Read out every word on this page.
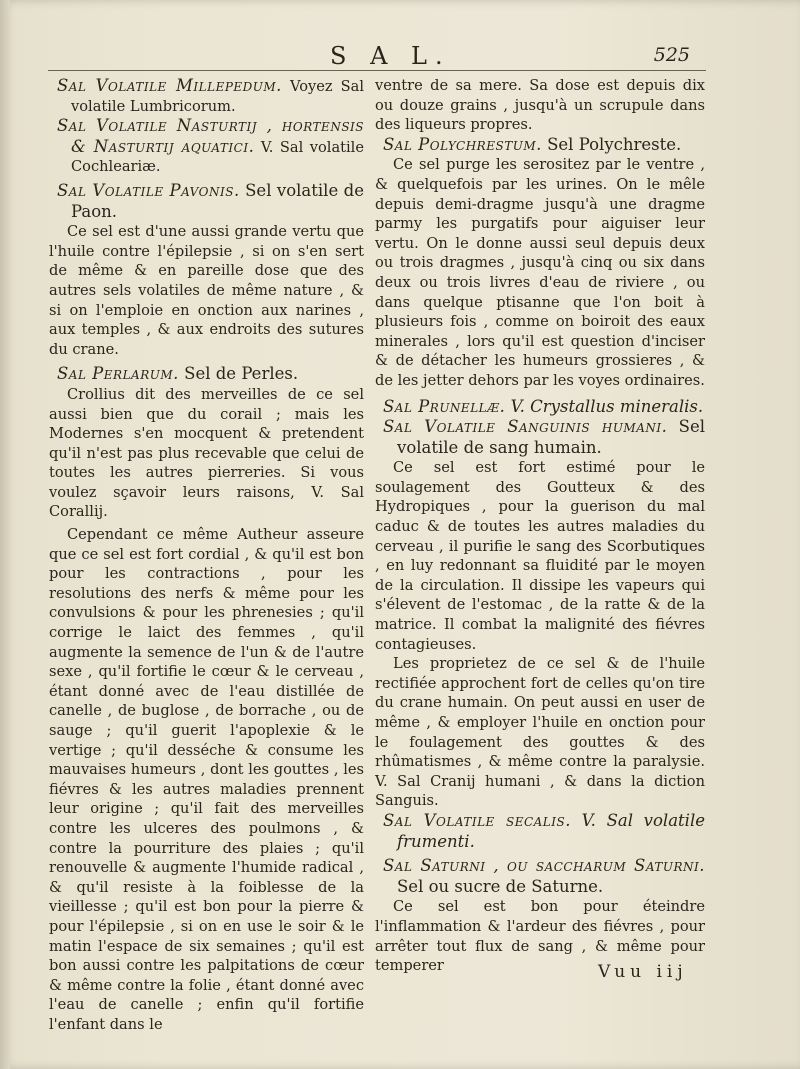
S A L.	525

Sal Volatile Millepedum. Voyez Sal volatile Lumbricorum.

Sal Volatile Nasturtij , hortensis & Nasturtij aquatici. V. Sal volatile Cochleariæ.

Sal Volatile Pavonis. Sel volatile de Paon.

Ce sel est d'une aussi grande vertu que l'huile contre l'épilepsie , si on s'en sert de même & en pareille dose que des autres sels volatiles de même nature , & si on l'emploie en onction aux narines , aux temples , & aux endroits des sutures du crane.

Sal Perlarum. Sel de Perles.

Crollius dit des merveilles de ce sel aussi bien que du corail ; mais les Modernes s'en mocquent & pretendent qu'il n'est pas plus recevable que celui de toutes les autres pierreries. Si vous voulez sçavoir leurs raisons, V. Sal Corallij.

Cependant ce même Autheur asseure que ce sel est fort cordial , & qu'il est bon pour les contractions , pour les resolutions des nerfs & même pour les convulsions & pour les phrenesies ; qu'il corrige le laict des femmes , qu'il augmente la semence de l'un & de l'autre sexe , qu'il fortifie le cœur & le cerveau , étant donné avec de l'eau distillée de canelle , de buglose , de borrache , ou de sauge ; qu'il guerit l'apoplexie & le vertige ; qu'il desséche & consume les mauvaises humeurs , dont les gouttes , les fiévres & les autres maladies prennent leur origine ; qu'il fait des merveilles contre les ulceres des poulmons , & contre la pourriture des plaies ; qu'il renouvelle & augmente l'humide radical , & qu'il resiste à la foiblesse de la vieillesse ; qu'il est bon pour la pierre & pour l'épilepsie , si on en use le soir & le matin l'espace de six semaines ; qu'il est bon aussi contre les palpitations de cœur & même contre la folie , étant donné avec l'eau de canelle ; enfin qu'il fortifie l'enfant dans le

ventre de sa mere. Sa dose est depuis dix ou douze grains , jusqu'à un scrupule dans des liqueurs propres.

Sal Polychrestum. Sel Polychreste.

Ce sel purge les serositez par le ventre , & quelquefois par les urines. On le mêle depuis demi-dragme jusqu'à une dragme parmy les purgatifs pour aiguiser leur vertu. On le donne aussi seul depuis deux ou trois dragmes , jusqu'à cinq ou six dans deux ou trois livres d'eau de riviere , ou dans quelque ptisanne que l'on boit à plusieurs fois , comme on boiroit des eaux minerales , lors qu'il est question d'inciser & de détacher les humeurs grossieres , & de les jetter dehors par les voyes ordinaires.

Sal Prunellæ. V. Crystallus mineralis.

Sal Volatile Sanguinis humani. Sel volatile de sang humain.

Ce sel est fort estimé pour le soulagement des Goutteux & des Hydropiques , pour la guerison du mal caduc & de toutes les autres maladies du cerveau , il purifie le sang des Scorbutiques , en luy redonnant sa fluidité par le moyen de la circulation. Il dissipe les vapeurs qui s'élevent de l'estomac , de la ratte & de la matrice. Il combat la malignité des fiévres contagieuses.

Les proprietez de ce sel & de l'huile rectifiée approchent fort de celles qu'on tire du crane humain. On peut aussi en user de même , & employer l'huile en onction pour le foulagement des gouttes & des rhûmatismes , & même contre la paralysie. V. Sal Cranij humani , & dans la diction Sanguis.

Sal Volatile secalis. V. Sal volatile frumenti.

Sal Saturni , ou saccharum Saturni. Sel ou sucre de Saturne.

Ce sel est bon pour éteindre l'inflammation & l'ardeur des fiévres , pour arrêter tout flux de sang , & même pour temperer	Vuu iij
